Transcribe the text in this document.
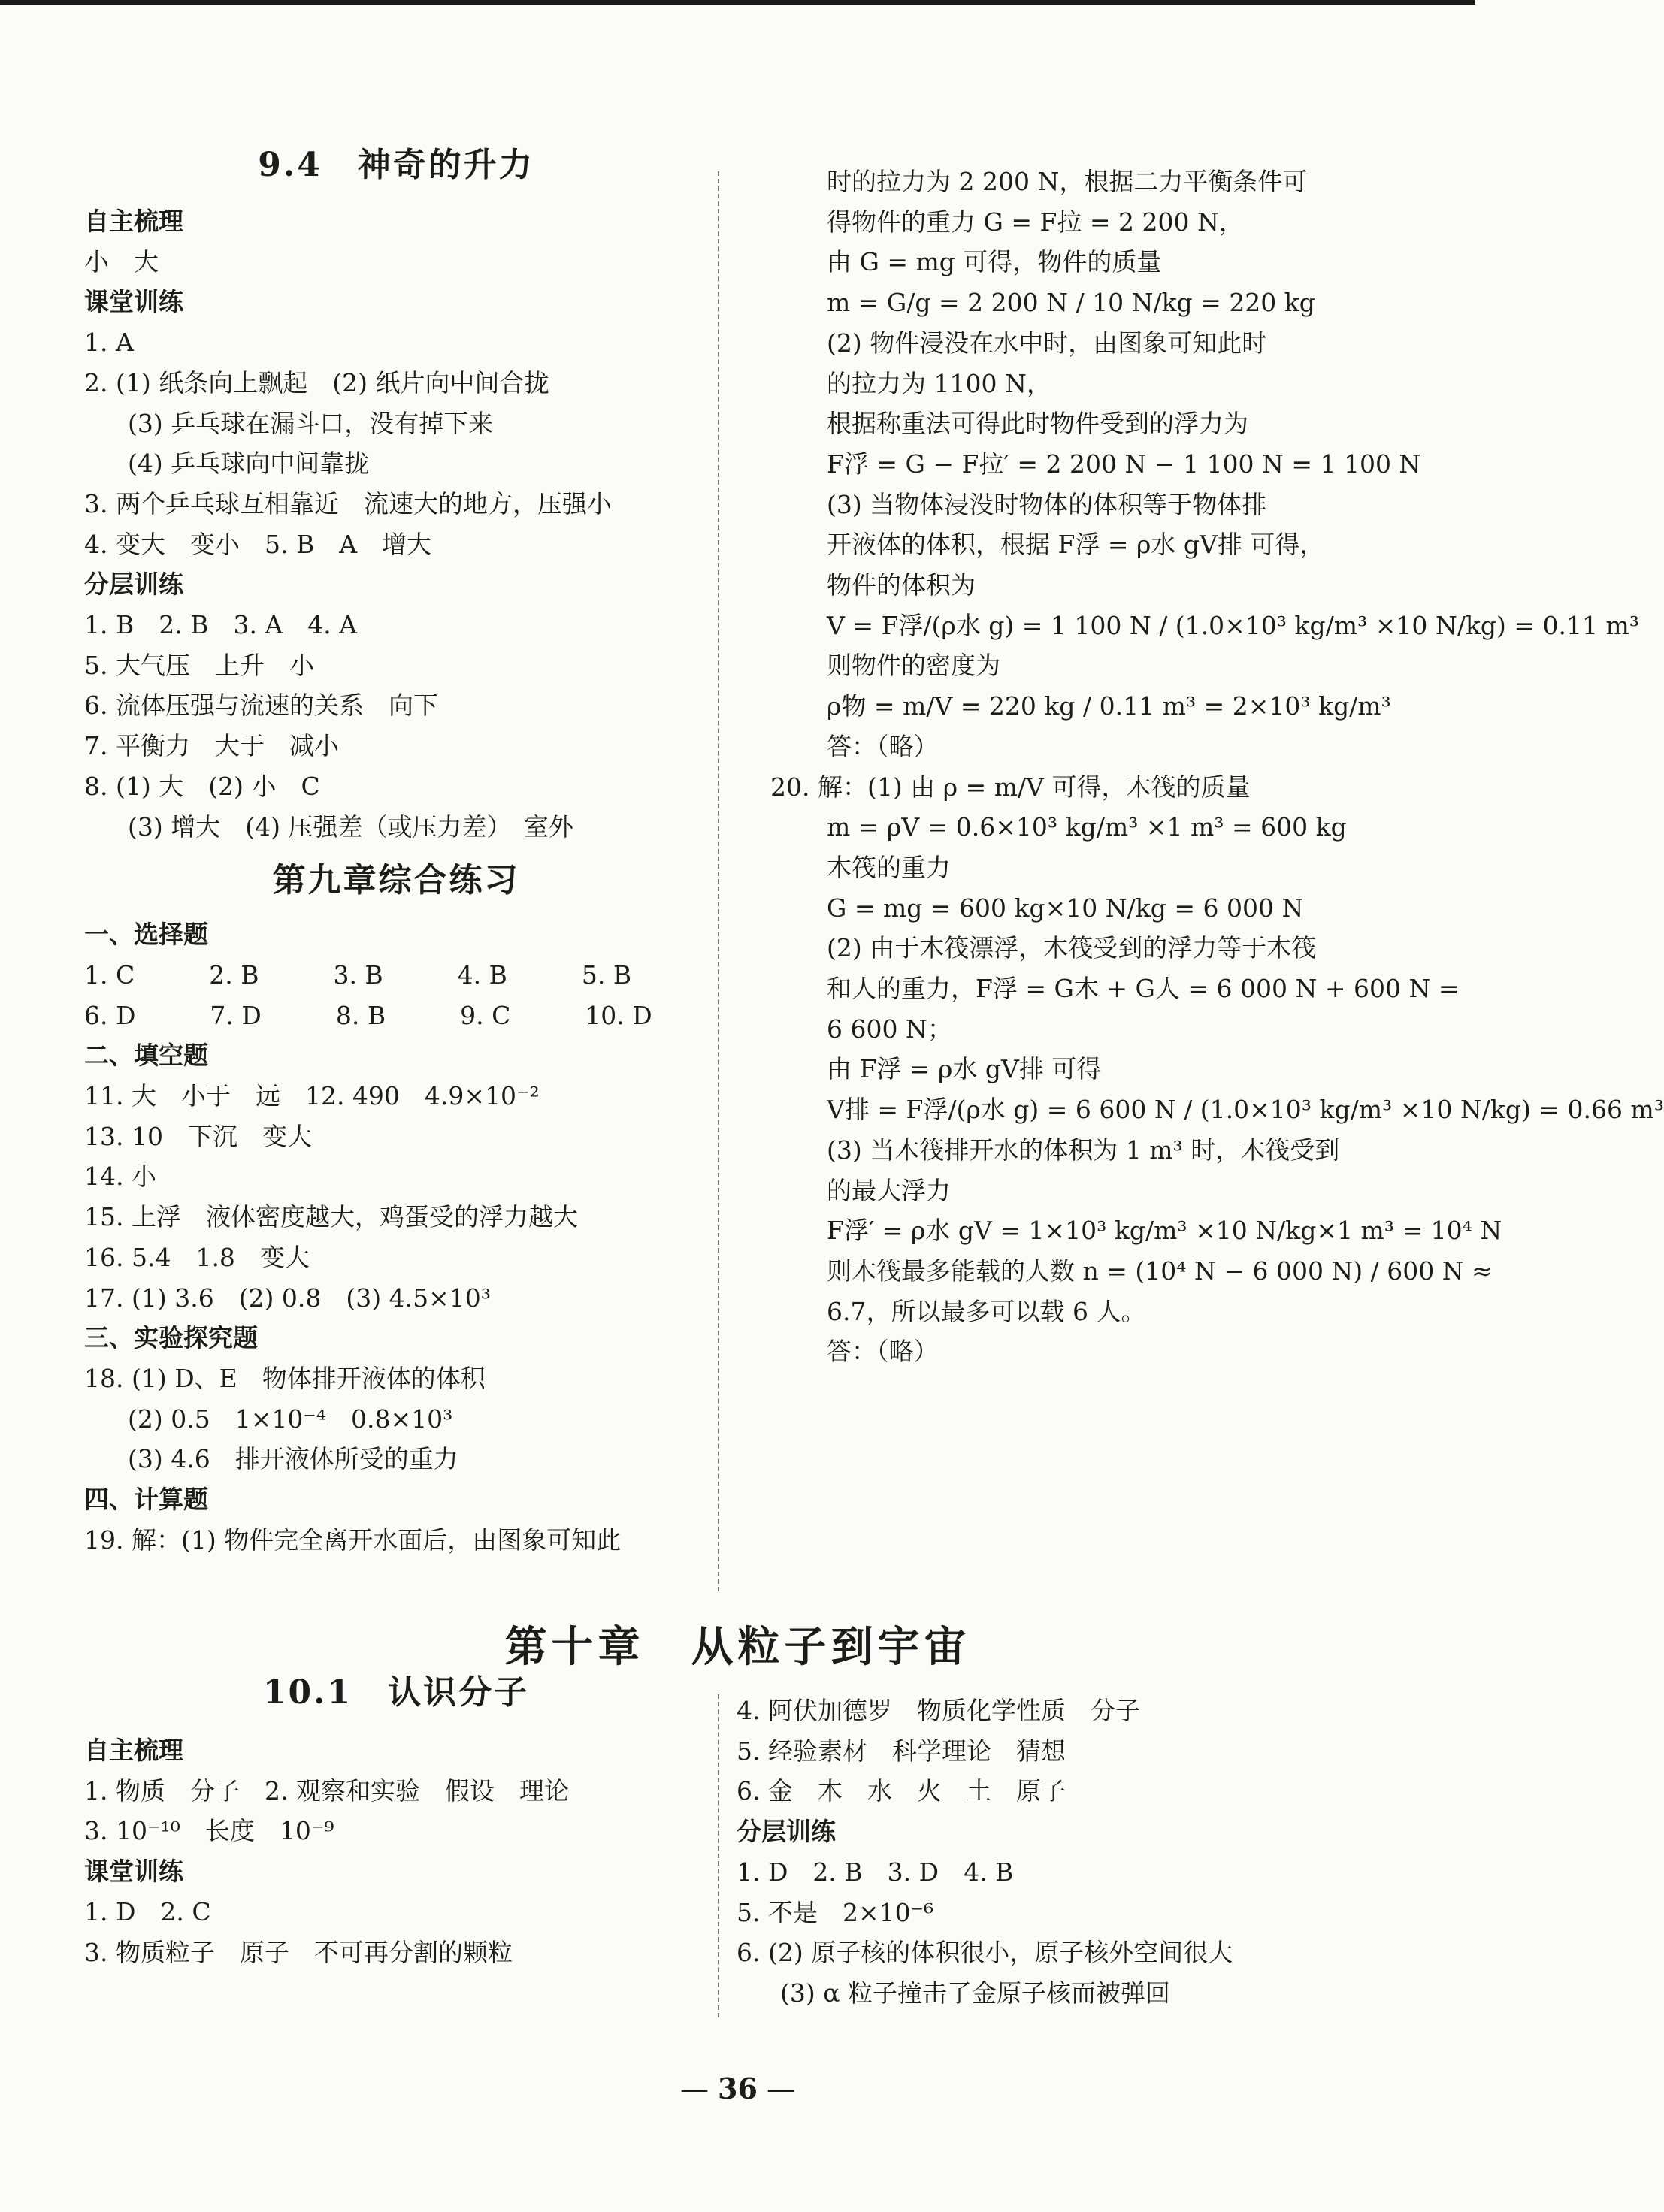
9.4　神奇的升力
自主梳理
小　大
课堂训练
1. A
2. (1) 纸条向上飘起　(2) 纸片向中间合拢
(3) 乒乓球在漏斗口，没有掉下来
(4) 乒乓球向中间靠拢
3. 两个乒乓球互相靠近　流速大的地方，压强小
4. 变大　变小　5. B　A　增大
分层训练
1. B　2. B　3. A　4. A
5. 大气压　上升　小
6. 流体压强与流速的关系　向下
7. 平衡力　大于　减小
8. (1) 大　(2) 小　C
(3) 增大　(4) 压强差（或压力差）　室外
第九章综合练习
一、选择题
1. C　　　2. B　　　3. B　　　4. B　　　5. B
6. D　　　7. D　　　8. B　　　9. C　　　10. D
二、填空题
11. 大　小于　远　12. 490　4.9×10⁻²
13. 10　下沉　变大
14. 小
15. 上浮　液体密度越大，鸡蛋受的浮力越大
16. 5.4　1.8　变大
17. (1) 3.6　(2) 0.8　(3) 4.5×10³
三、实验探究题
18. (1) D、E　物体排开液体的体积
(2) 0.5　1×10⁻⁴　0.8×10³
(3) 4.6　排开液体所受的重力
四、计算题
19. 解：(1) 物件完全离开水面后，由图象可知此
时的拉力为 2 200 N，根据二力平衡条件可
得物件的重力 G = F拉 = 2 200 N，
由 G = mg 可得，物件的质量
m = G/g = 2 200 N / 10 N/kg = 220 kg
(2) 物件浸没在水中时，由图象可知此时
的拉力为 1100 N，
根据称重法可得此时物件受到的浮力为
F浮 = G − F拉′ = 2 200 N − 1 100 N = 1 100 N
(3) 当物体浸没时物体的体积等于物体排
开液体的体积，根据 F浮 = ρ水 gV排 可得，
物件的体积为
V = F浮/(ρ水 g) = 1 100 N / (1.0×10³ kg/m³ ×10 N/kg) = 0.11 m³
则物件的密度为
ρ物 = m/V = 220 kg / 0.11 m³ = 2×10³ kg/m³
答：（略）
20. 解：(1) 由 ρ = m/V 可得，木筏的质量
m = ρV = 0.6×10³ kg/m³ ×1 m³ = 600 kg
木筏的重力
G = mg = 600 kg×10 N/kg = 6 000 N
(2) 由于木筏漂浮，木筏受到的浮力等于木筏
和人的重力，F浮 = G木 + G人 = 6 000 N + 600 N =
6 600 N；
由 F浮 = ρ水 gV排 可得
V排 = F浮/(ρ水 g) = 6 600 N / (1.0×10³ kg/m³ ×10 N/kg) = 0.66 m³
(3) 当木筏排开水的体积为 1 m³ 时，木筏受到
的最大浮力
F浮′ = ρ水 gV = 1×10³ kg/m³ ×10 N/kg×1 m³ = 10⁴ N
则木筏最多能载的人数 n = (10⁴ N − 6 000 N) / 600 N ≈
6.7，所以最多可以载 6 人。
答：（略）
第十章　从粒子到宇宙
10.1　认识分子
自主梳理
1. 物质　分子　2. 观察和实验　假设　理论
3. 10⁻¹⁰　长度　10⁻⁹
课堂训练
1. D　2. C
3. 物质粒子　原子　不可再分割的颗粒
4. 阿伏加德罗　物质化学性质　分子
5. 经验素材　科学理论　猜想
6. 金　木　水　火　土　原子
分层训练
1. D　2. B　3. D　4. B
5. 不是　2×10⁻⁶
6. (2) 原子核的体积很小，原子核外空间很大
(3) α 粒子撞击了金原子核而被弹回
— 36 —
